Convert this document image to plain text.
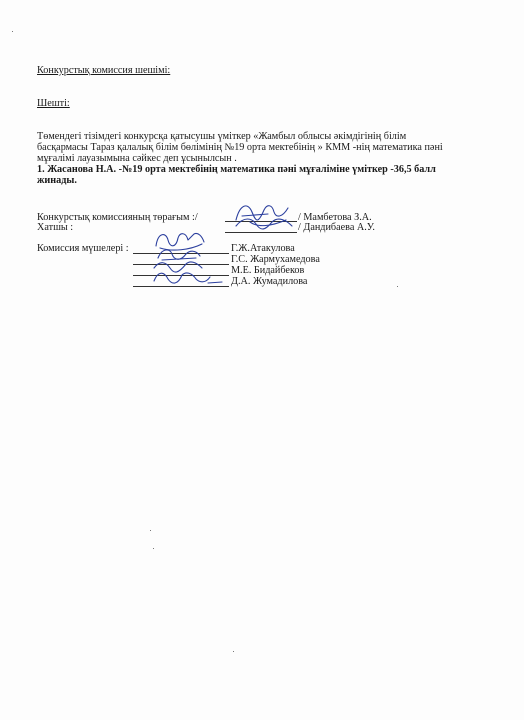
Конкурстық комиссия шешімі:
Шешті:
Төмендегі тізімдегі конкурсқа қатысушы үміткер «Жамбыл облысы әкімдігінің білім
басқармасы Тараз қалалық білім бөлімінің №19 орта мектебінің » КММ -нің математика пәні
мұғалімі лауазымына сәйкес деп ұсынылсын .
1. Жасанова Н.А. -№19 орта мектебінің математика пәні мұғаліміне үміткер -36,5 балл
жинады.
Конкурстық комиссияның төрағым :/
Хатшы :
/ Мамбетова З.А.
/ Дандибаева А.У.
Комиссия мүшелері :	Г.Ж.Атакулова
Г.С. Жармухамедова
М.Е. Бидайбеков
Д.А. Жумадилова
